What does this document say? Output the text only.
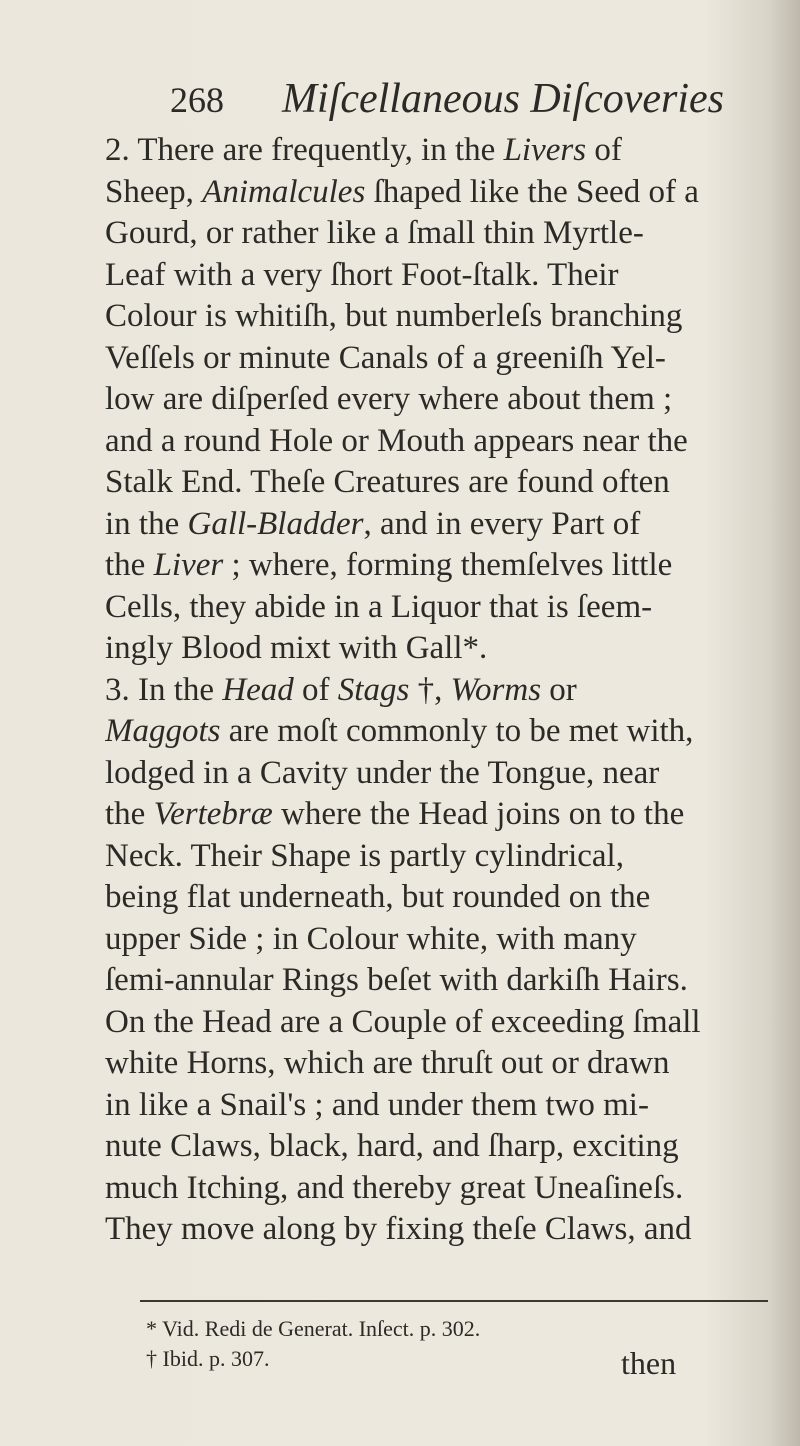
268 Miſcellaneous Diſcoveries

2. There are frequently, in the Livers of
Sheep, Animalcules ſhaped like the Seed of a
Gourd, or rather like a ſmall thin Myrtle-
Leaf with a very ſhort Foot-ſtalk. Their
Colour is whitiſh, but numberleſs branching
Veſſels or minute Canals of a greeniſh Yel-
low are diſperſed every where about them ;
and a round Hole or Mouth appears near the
Stalk End. Theſe Creatures are found often
in the Gall-Bladder, and in every Part of
the Liver ; where, forming themſelves little
Cells, they abide in a Liquor that is ſeem-
ingly Blood mixt with Gall*.

3. In the Head of Stags †, Worms or
Maggots are moſt commonly to be met with,
lodged in a Cavity under the Tongue, near
the Vertebræ where the Head joins on to the
Neck. Their Shape is partly cylindrical,
being flat underneath, but rounded on the
upper Side ; in Colour white, with many
ſemi-annular Rings beſet with darkiſh Hairs.
On the Head are a Couple of exceeding ſmall
white Horns, which are thruſt out or drawn
in like a Snail's ; and under them two mi-
nute Claws, black, hard, and ſharp, exciting
much Itching, and thereby great Uneaſineſs.
They move along by fixing theſe Claws, and

* Vid. Redi de Generat. Inſect. p. 302.
† Ibid. p. 307.	then
